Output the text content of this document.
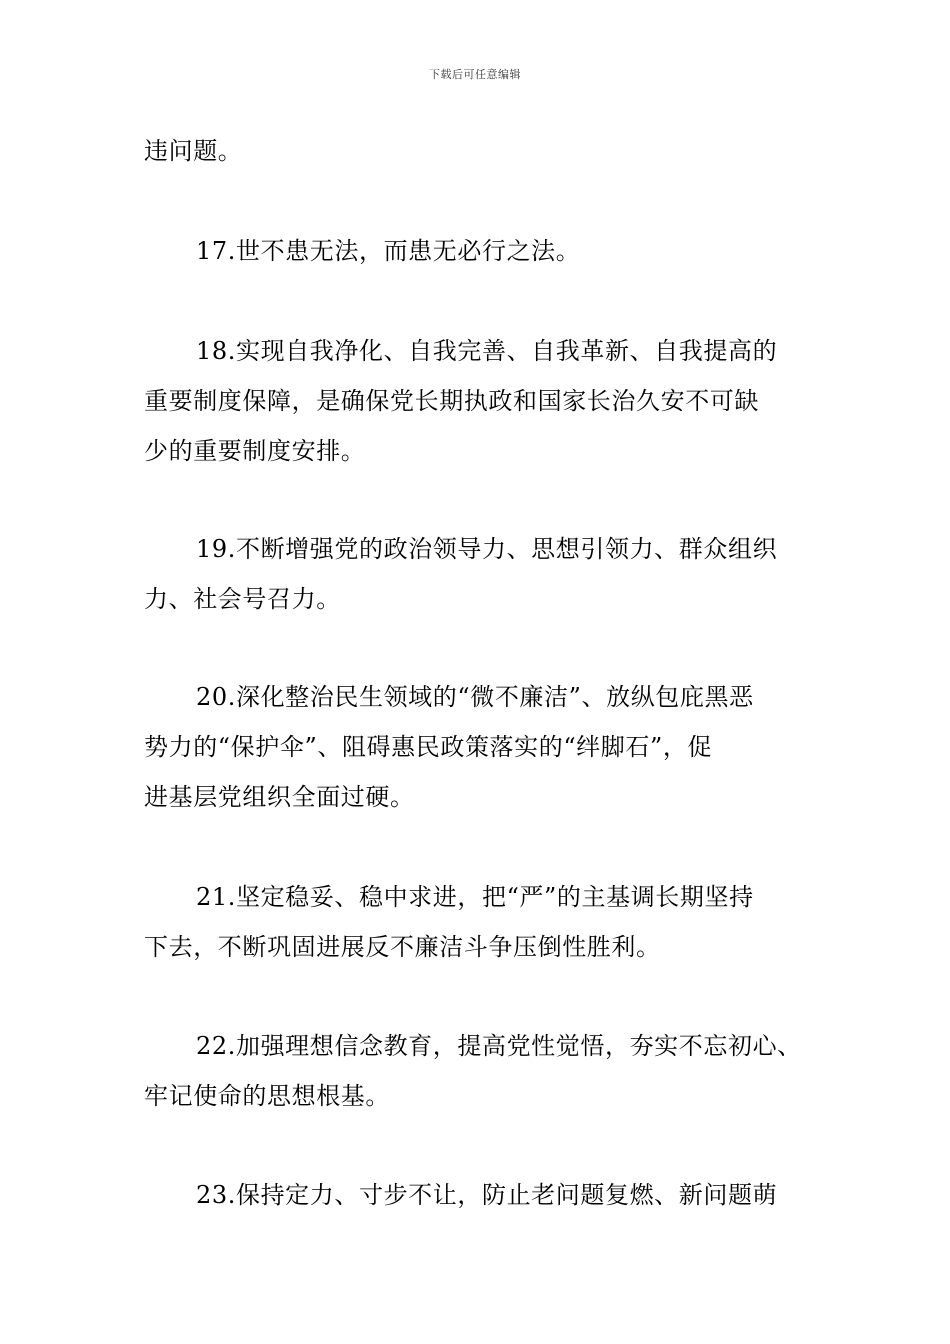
下载后可任意编辑

违问题。

17.世不患无法，而患无必行之法。

18.实现自我净化、自我完善、自我革新、自我提高的
重要制度保障，是确保党长期执政和国家长治久安不可缺
少的重要制度安排。

19.不断增强党的政治领导力、思想引领力、群众组织
力、社会号召力。

20.深化整治民生领域的“微不廉洁”、放纵包庇黑恶
势力的“保护伞”、阻碍惠民政策落实的“绊脚石”，促
进基层党组织全面过硬。

21.坚定稳妥、稳中求进，把“严”的主基调长期坚持
下去，不断巩固进展反不廉洁斗争压倒性胜利。

22.加强理想信念教育，提高党性觉悟，夯实不忘初心、
牢记使命的思想根基。

23.保持定力、寸步不让，防止老问题复燃、新问题萌
